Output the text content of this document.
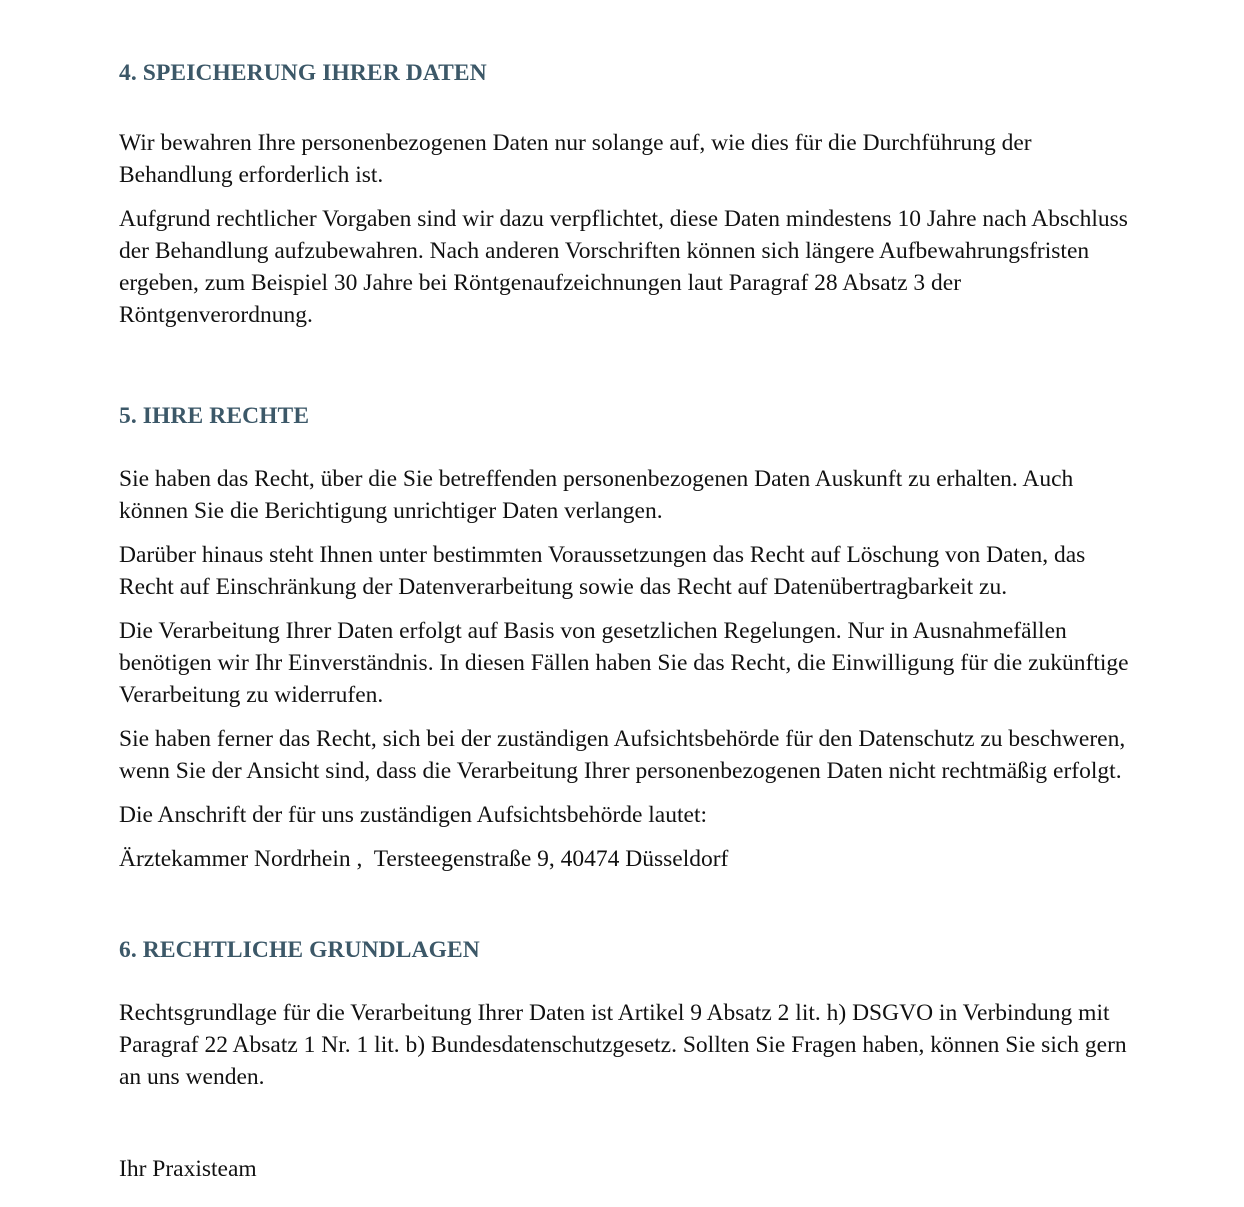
4. SPEICHERUNG IHRER DATEN

Wir bewahren Ihre personenbezogenen Daten nur solange auf, wie dies für die Durchführung der Behandlung erforderlich ist.

Aufgrund rechtlicher Vorgaben sind wir dazu verpflichtet, diese Daten mindestens 10 Jahre nach Abschluss der Behandlung aufzubewahren. Nach anderen Vorschriften können sich längere Aufbewahrungsfristen ergeben, zum Beispiel 30 Jahre bei Röntgenaufzeichnungen laut Paragraf 28 Absatz 3 der Röntgenverordnung.

5. IHRE RECHTE

Sie haben das Recht, über die Sie betreffenden personenbezogenen Daten Auskunft zu erhalten. Auch können Sie die Berichtigung unrichtiger Daten verlangen.

Darüber hinaus steht Ihnen unter bestimmten Voraussetzungen das Recht auf Löschung von Daten, das Recht auf Einschränkung der Datenverarbeitung sowie das Recht auf Datenübertragbarkeit zu.

Die Verarbeitung Ihrer Daten erfolgt auf Basis von gesetzlichen Regelungen. Nur in Ausnahmefällen benötigen wir Ihr Einverständnis. In diesen Fällen haben Sie das Recht, die Einwilligung für die zukünftige Verarbeitung zu widerrufen.

Sie haben ferner das Recht, sich bei der zuständigen Aufsichtsbehörde für den Datenschutz zu beschweren, wenn Sie der Ansicht sind, dass die Verarbeitung Ihrer personenbezogenen Daten nicht rechtmäßig erfolgt.

Die Anschrift der für uns zuständigen Aufsichtsbehörde lautet:

Ärztekammer Nordrhein ,  Tersteegenstraße 9, 40474 Düsseldorf

6. RECHTLICHE GRUNDLAGEN

Rechtsgrundlage für die Verarbeitung Ihrer Daten ist Artikel 9 Absatz 2 lit. h) DSGVO in Verbindung mit Paragraf 22 Absatz 1 Nr. 1 lit. b) Bundesdatenschutzgesetz. Sollten Sie Fragen haben, können Sie sich gern an uns wenden.

Ihr Praxisteam
